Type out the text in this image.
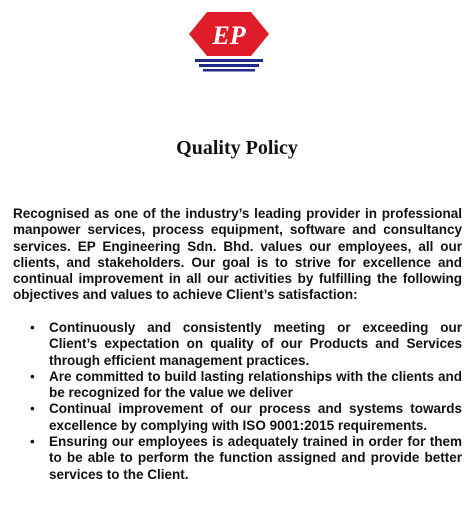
EP
Quality Policy

Recognised as one of the industry’s leading provider in professional manpower services, process equipment, software and consultancy services. EP Engineering Sdn. Bhd. values our employees, all our clients, and stakeholders. Our goal is to strive for excellence and continual improvement in all our activities by fulfilling the following objectives and values to achieve Client’s satisfaction:

• Continuously and consistently meeting or exceeding our Client’s expectation on quality of our Products and Services through efficient management practices.
• Are committed to build lasting relationships with the clients and be recognized for the value we deliver
• Continual improvement of our process and systems towards excellence by complying with ISO 9001:2015 requirements.
• Ensuring our employees is adequately trained in order for them to be able to perform the function assigned and provide better services to the Client.
